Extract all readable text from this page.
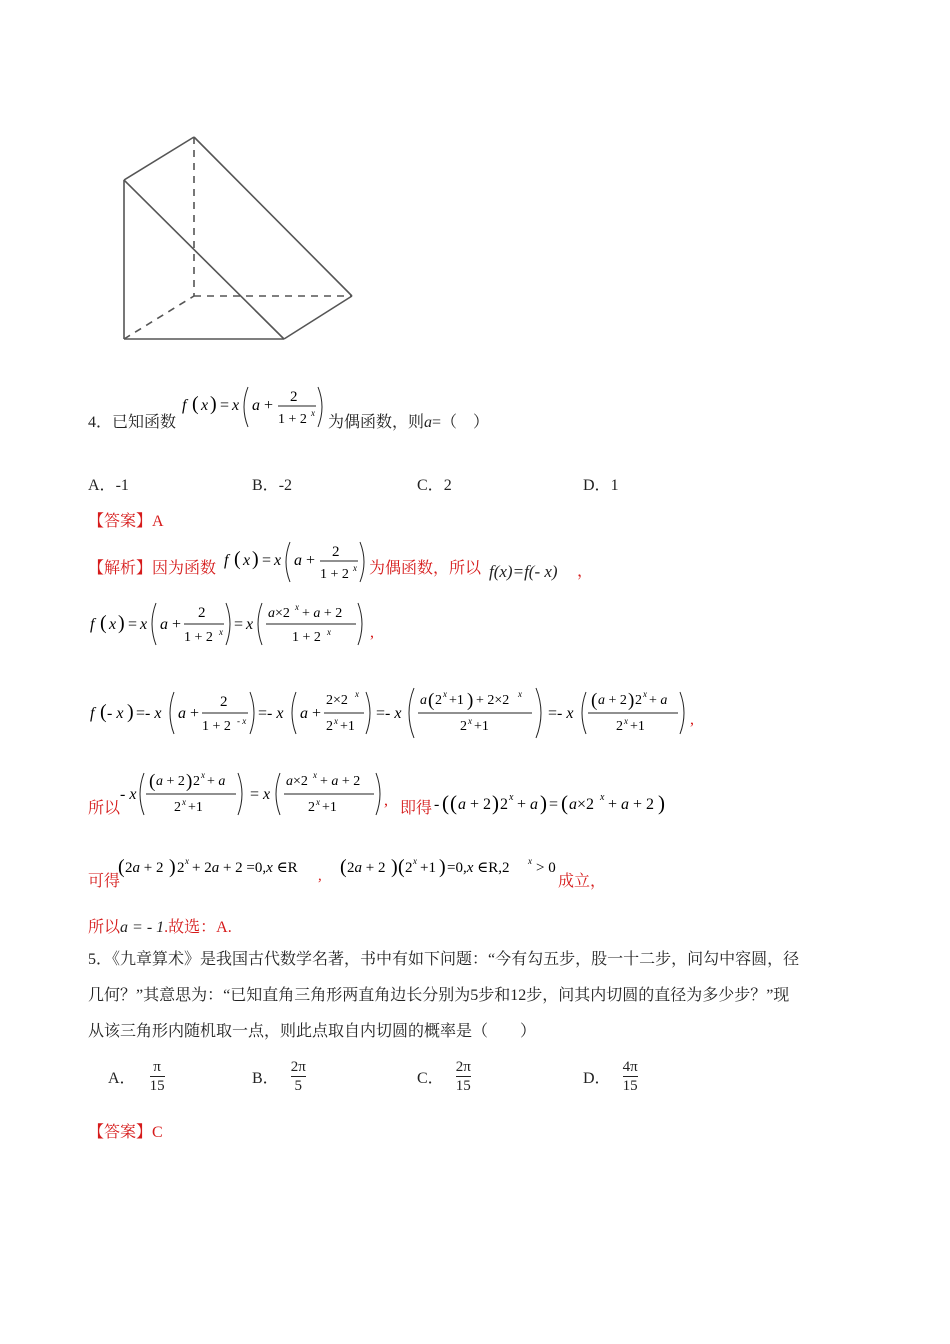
4．已知函数
f ( x ) = x a + 2
1 + 2 x
为偶函数，则a=（　）
A．-1	B．-2	C．2	D．1
【答案】A
【解析】因为函数 f ( x ) = x a + 2
1 + 2 x 为偶函数，所以 f(x)=f(- x) ，
f ( x ) = x a +
2
1 + 2 x = x
a×2 x + a + 2
1 + 2 x ,
f ( - x ) =- x a +
2
1 + 2 - x =- x a +
2×2 x
2 x +1
=- x
a ( 2 x +1 ) + 2×2 x
2 x +1
=- x
( a + 2 ) 2 x + a
2 x +1	,
所以
- x
( a + 2 ) 2 x + a
2 x +1
= x
a×2 x + a + 2
2 x +1	, 即得 - ( ( a + 2 ) 2 x + a ) = ( a×2 x + a + 2 )
可得
( 2a + 2 ) 2 x + 2a + 2 =0,x ∈R , ( 2a + 2 ) ( 2 x +1 ) =0,x ∈R,2 x > 0
成立，
所以a = - 1.故选：A.
5．《九章算术》是我国古代数学名著，书中有如下问题：“今有勾五步，股一十二步，问勾中容圆，径
几何？”其意思为：“已知直角三角形两直角边长分别为5步和12步，问其内切圆的直径为多少步？”现
从该三角形内随机取一点，则此点取自内切圆的概率是（　　）
A． $\frac{\pi}{15}$	B． $\frac{2\pi}{5}$	C． $\frac{2\pi}{15}$	D． $\frac{4\pi}{15}$
【答案】C
